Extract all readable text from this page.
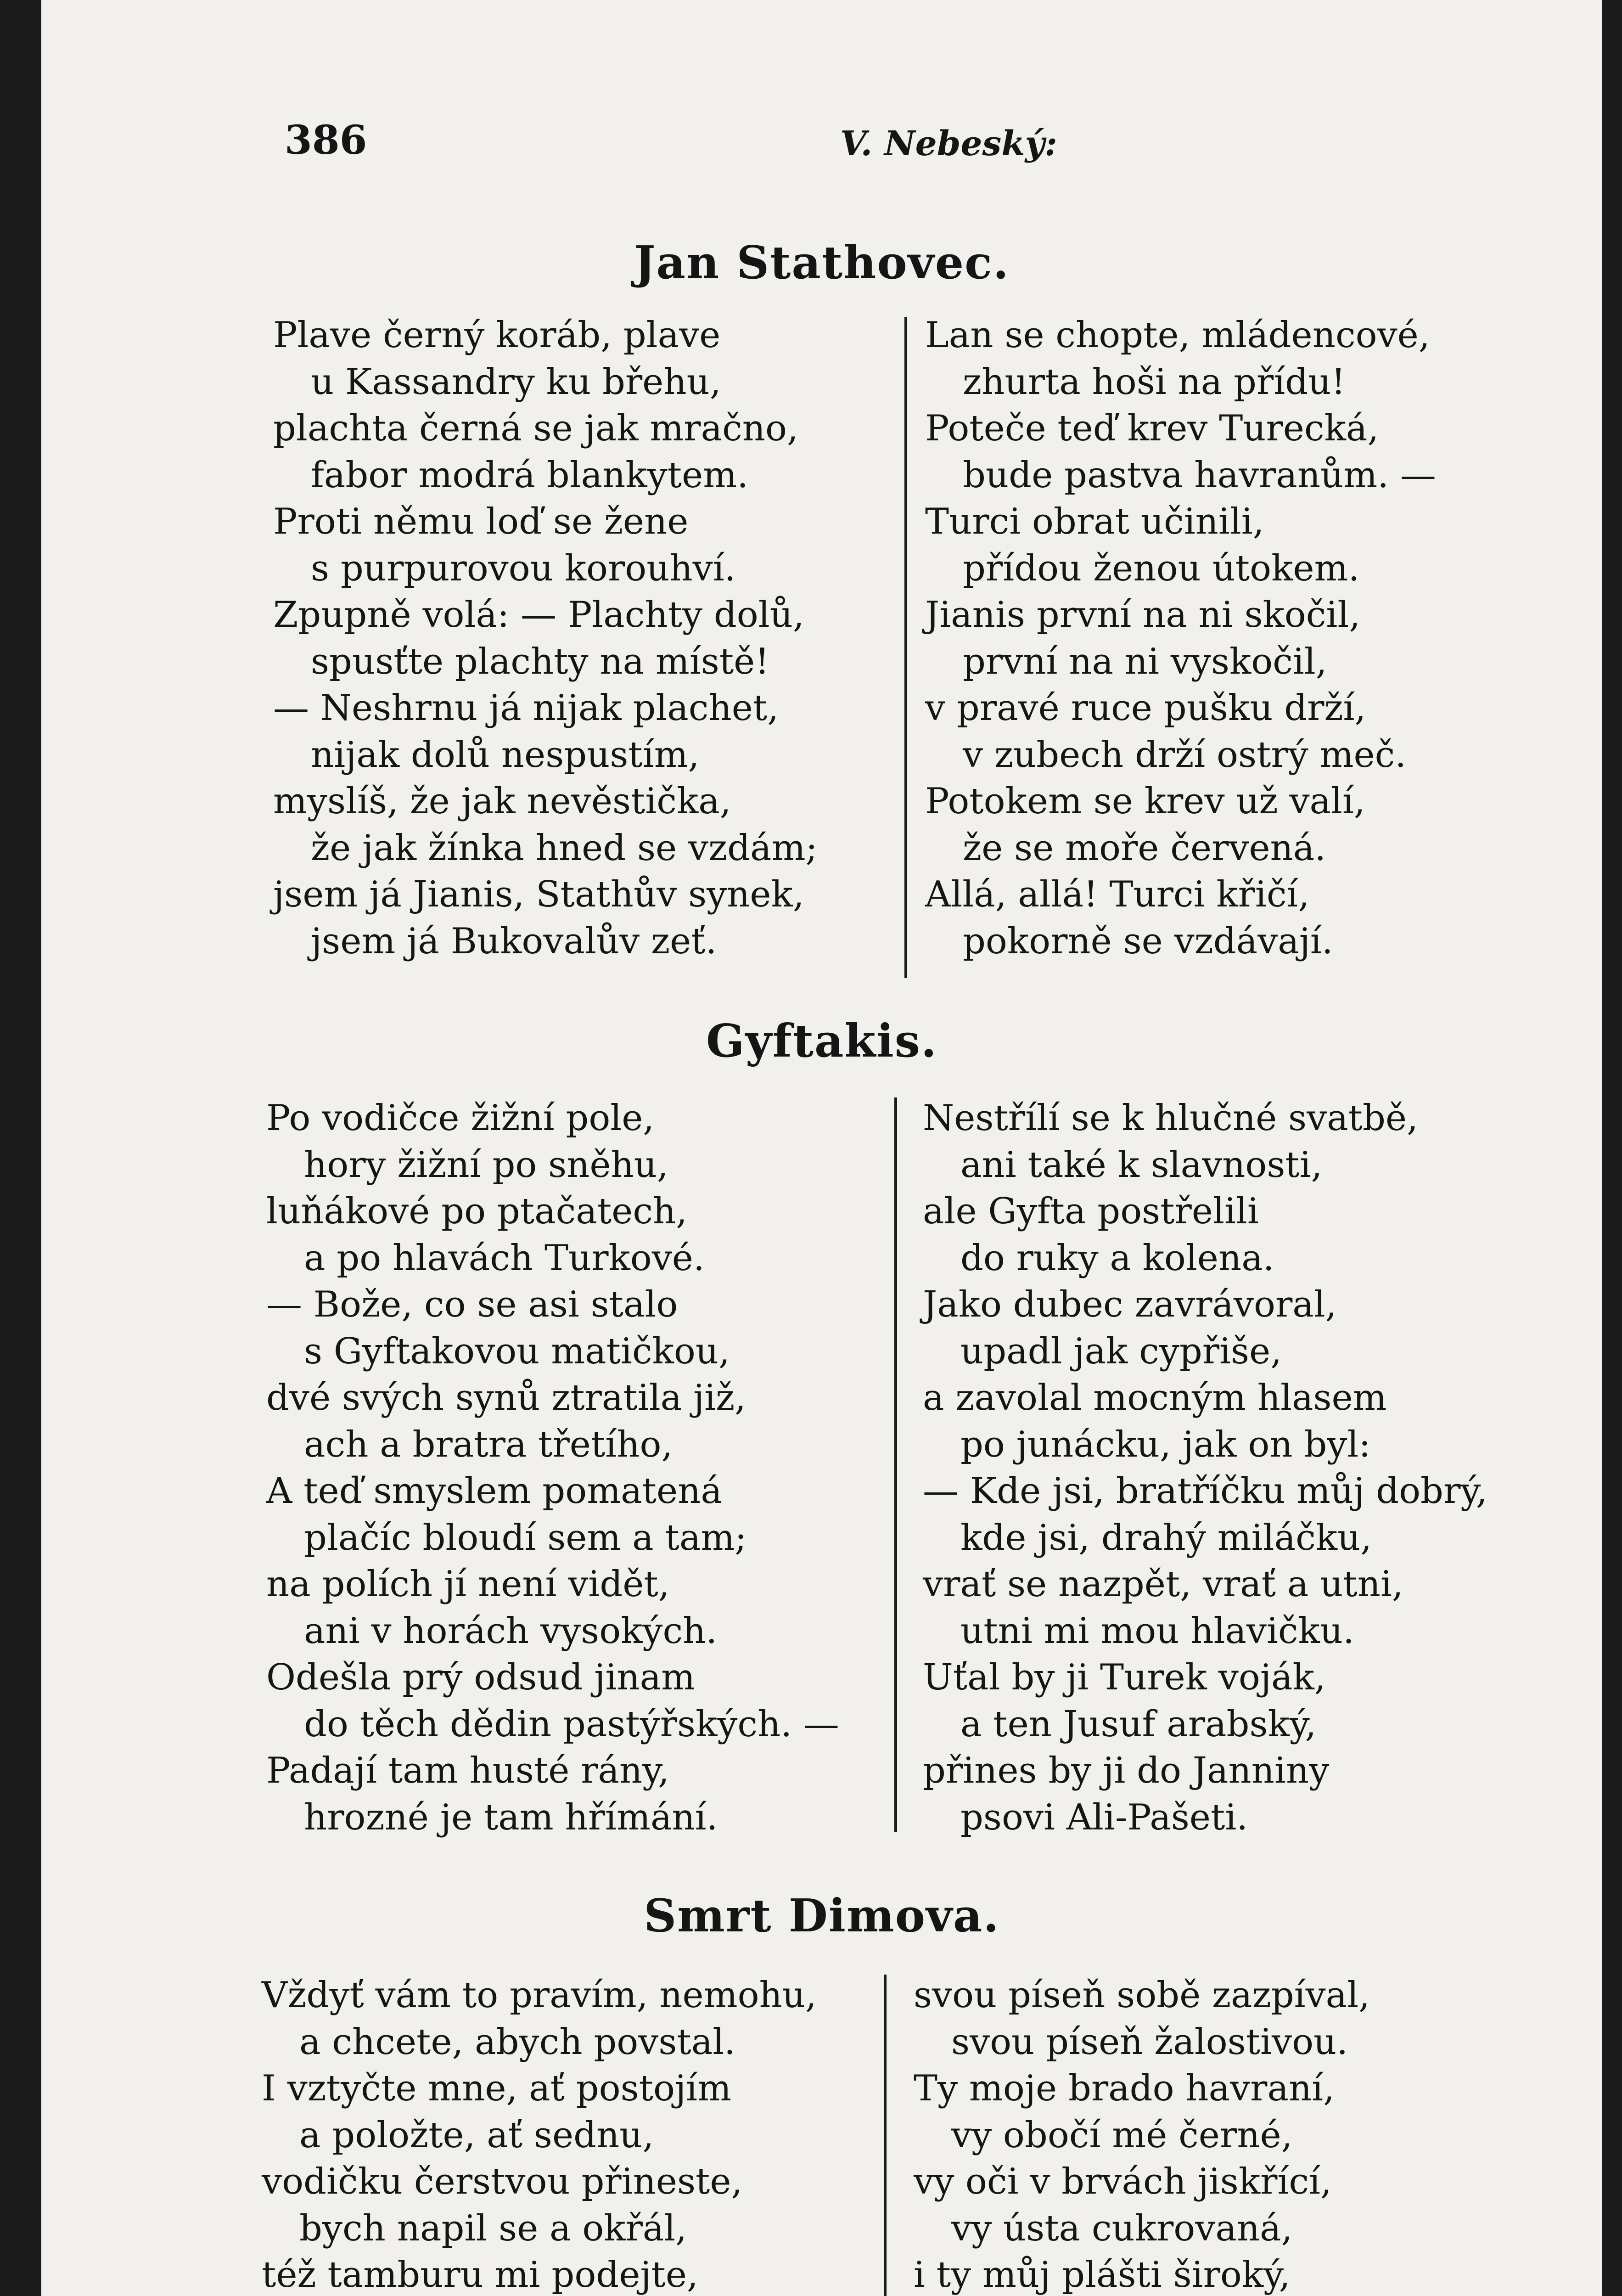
386	V. Nebeský:
Jan Stathovec.
Plave černý koráb, plave
u Kassandry ku břehu,
plachta černá se jak mračno,
fabor modrá blankytem.
Proti němu loď se žene
s purpurovou korouhví.
Zpupně volá: — Plachty dolů,
spusťte plachty na místě!
— Neshrnu já nijak plachet,
nijak dolů nespustím,
myslíš, že jak nevěstička,
že jak žínka hned se vzdám;
jsem já Jianis, Stathův synek,
jsem já Bukovalův zeť.
Lan se chopte, mládencové,
zhurta hoši na přídu!
Poteče teď krev Turecká,
bude pastva havranům. —
Turci obrat učinili,
přídou ženou útokem.
Jianis první na ni skočil,
první na ni vyskočil,
v pravé ruce pušku drží,
v zubech drží ostrý meč.
Potokem se krev už valí,
že se moře červená.
Allá, allá! Turci křičí,
pokorně se vzdávají.
Gyftakis.
Po vodičce žižní pole,
hory žižní po sněhu,
luňákové po ptačatech,
a po hlavách Turkové.
— Bože, co se asi stalo
s Gyftakovou matičkou,
dvé svých synů ztratila již,
ach a bratra třetího,
A teď smyslem pomatená
plačíc bloudí sem a tam;
na polích jí není vidět,
ani v horách vysokých.
Odešla prý odsud jinam
do těch dědin pastýřských. —
Padají tam husté rány,
hrozné je tam hřímání.
Nestřílí se k hlučné svatbě,
ani také k slavnosti,
ale Gyfta postřelili
do ruky a kolena.
Jako dubec zavrávoral,
upadl jak cypřiše,
a zavolal mocným hlasem
po junácku, jak on byl:
— Kde jsi, bratříčku můj dobrý,
kde jsi, drahý miláčku,
vrať se nazpět, vrať a utni,
utni mi mou hlavičku.
Uťal by ji Turek voják,
a ten Jusuf arabský,
přines by ji do Janniny
psovi Ali-Pašeti.
Smrt Dimova.
Vždyť vám to pravím, nemohu,
a chcete, abych povstal.
I vztyčte mne, ať postojím
a položte, ať sednu,
vodičku čerstvou přineste,
bych napil se a okřál,
též tamburu mi podejte,
svou píseň sobě zazpíval,
svou píseň žalostivou.
Ty moje brado havraní,
vy obočí mé černé,
vy oči v brvách jiskřící,
vy ústa cukrovaná,
i ty můj plášti široký,
